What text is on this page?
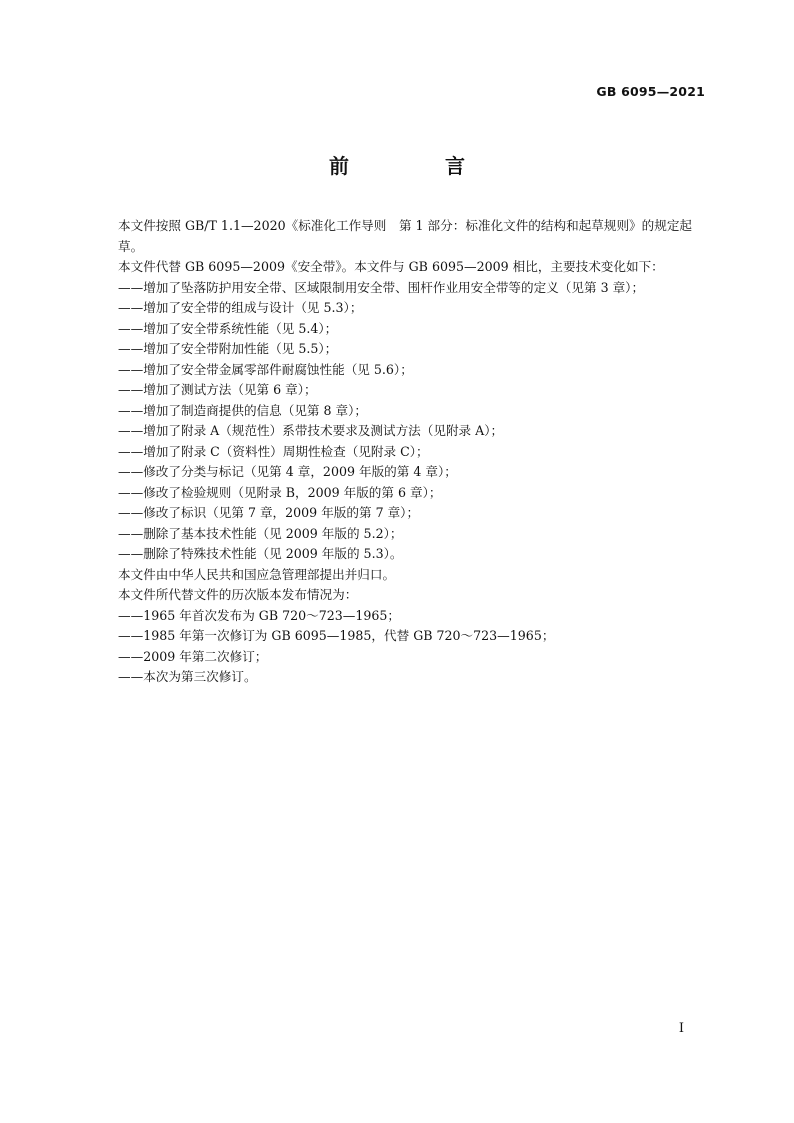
GB 6095—2021
前　言

本文件按照 GB/T 1.1—2020《标准化工作导则　第 1 部分：标准化文件的结构和起草规则》的规定起草。

本文件代替 GB 6095—2009《安全带》。本文件与 GB 6095—2009 相比，主要技术变化如下：

——增加了坠落防护用安全带、区域限制用安全带、围杆作业用安全带等的定义（见第 3 章）；

——增加了安全带的组成与设计（见 5.3）；

——增加了安全带系统性能（见 5.4）；

——增加了安全带附加性能（见 5.5）；

——增加了安全带金属零部件耐腐蚀性能（见 5.6）；

——增加了测试方法（见第 6 章）；

——增加了制造商提供的信息（见第 8 章）；

——增加了附录 A（规范性）系带技术要求及测试方法（见附录 A）；

——增加了附录 C（资料性）周期性检查（见附录 C）；

——修改了分类与标记（见第 4 章，2009 年版的第 4 章）；

——修改了检验规则（见附录 B，2009 年版的第 6 章）；

——修改了标识（见第 7 章，2009 年版的第 7 章）；

——删除了基本技术性能（见 2009 年版的 5.2）；

——删除了特殊技术性能（见 2009 年版的 5.3）。

本文件由中华人民共和国应急管理部提出并归口。

本文件所代替文件的历次版本发布情况为：

——1965 年首次发布为 GB 720～723—1965；

——1985 年第一次修订为 GB 6095—1985，代替 GB 720～723—1965；

——2009 年第二次修订；

——本次为第三次修订。

I
